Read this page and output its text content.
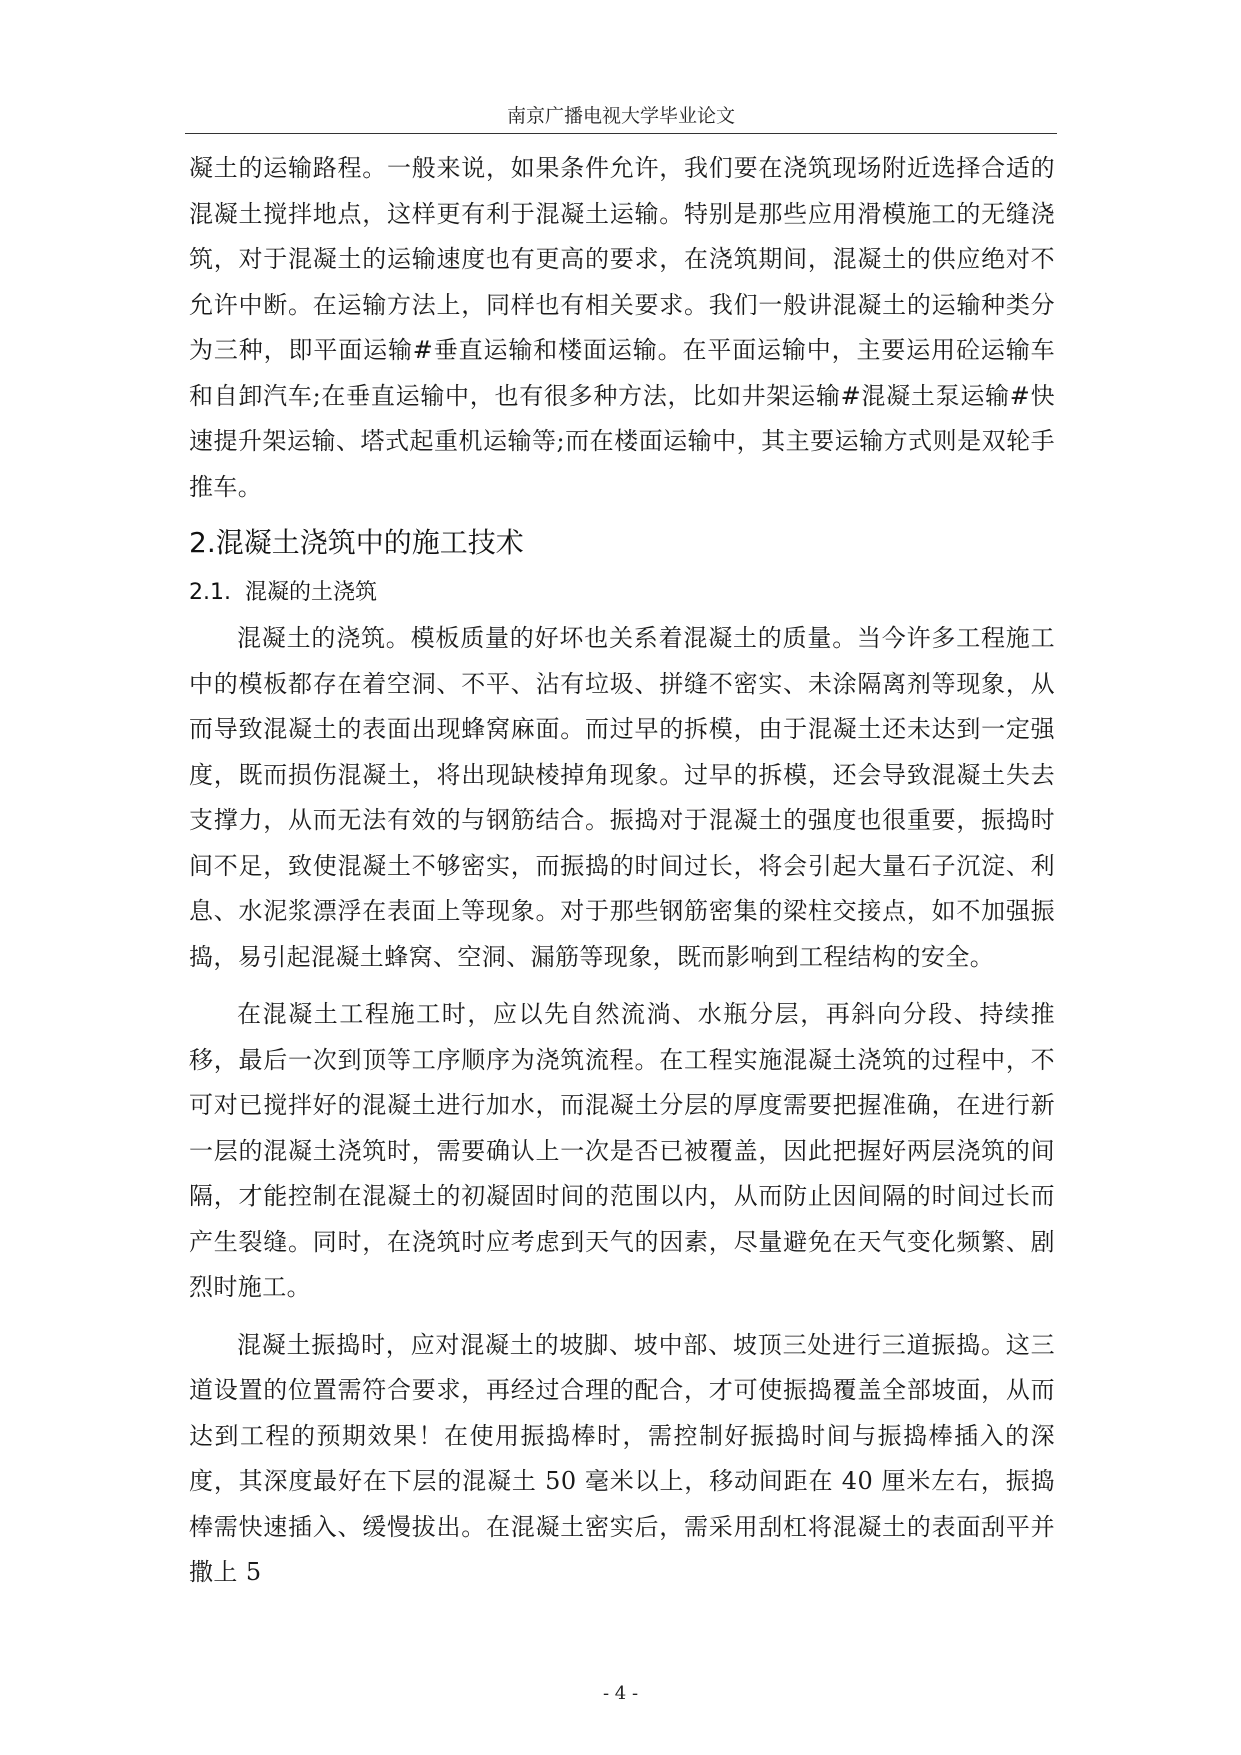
南京广播电视大学毕业论文

凝土的运输路程。一般来说，如果条件允许，我们要在浇筑现场附近选择合适的混凝土搅拌地点，这样更有利于混凝土运输。特别是那些应用滑模施工的无缝浇筑，对于混凝土的运输速度也有更高的要求，在浇筑期间，混凝土的供应绝对不允许中断。在运输方法上，同样也有相关要求。我们一般讲混凝土的运输种类分为三种，即平面运输#垂直运输和楼面运输。在平面运输中，主要运用砼运输车和自卸汽车;在垂直运输中，也有很多种方法，比如井架运输#混凝土泵运输#快速提升架运输、塔式起重机运输等;而在楼面运输中，其主要运输方式则是双轮手推车。

2.混凝土浇筑中的施工技术
2.1. 混凝的土浇筑

混凝土的浇筑。模板质量的好坏也关系着混凝土的质量。当今许多工程施工中的模板都存在着空洞、不平、沾有垃圾、拼缝不密实、未涂隔离剂等现象，从而导致混凝土的表面出现蜂窝麻面。而过早的拆模，由于混凝土还未达到一定强度，既而损伤混凝土，将出现缺棱掉角现象。过早的拆模，还会导致混凝土失去支撑力，从而无法有效的与钢筋结合。振捣对于混凝土的强度也很重要，振捣时间不足，致使混凝土不够密实，而振捣的时间过长，将会引起大量石子沉淀、利息、水泥浆漂浮在表面上等现象。对于那些钢筋密集的梁柱交接点，如不加强振捣，易引起混凝土蜂窝、空洞、漏筋等现象，既而影响到工程结构的安全。

在混凝土工程施工时，应以先自然流淌、水瓶分层，再斜向分段、持续推移，最后一次到顶等工序顺序为浇筑流程。在工程实施混凝土浇筑的过程中，不可对已搅拌好的混凝土进行加水，而混凝土分层的厚度需要把握准确，在进行新一层的混凝土浇筑时，需要确认上一次是否已被覆盖，因此把握好两层浇筑的间隔，才能控制在混凝土的初凝固时间的范围以内，从而防止因间隔的时间过长而产生裂缝。同时，在浇筑时应考虑到天气的因素，尽量避免在天气变化频繁、剧烈时施工。

混凝土振捣时，应对混凝土的坡脚、坡中部、坡顶三处进行三道振捣。这三道设置的位置需符合要求，再经过合理的配合，才可使振捣覆盖全部坡面，从而达到工程的预期效果！在使用振捣棒时，需控制好振捣时间与振捣棒插入的深度，其深度最好在下层的混凝土 50 毫米以上，移动间距在 40 厘米左右，振捣棒需快速插入、缓慢拔出。在混凝土密实后，需采用刮杠将混凝土的表面刮平并撒上 5

- 4 -
